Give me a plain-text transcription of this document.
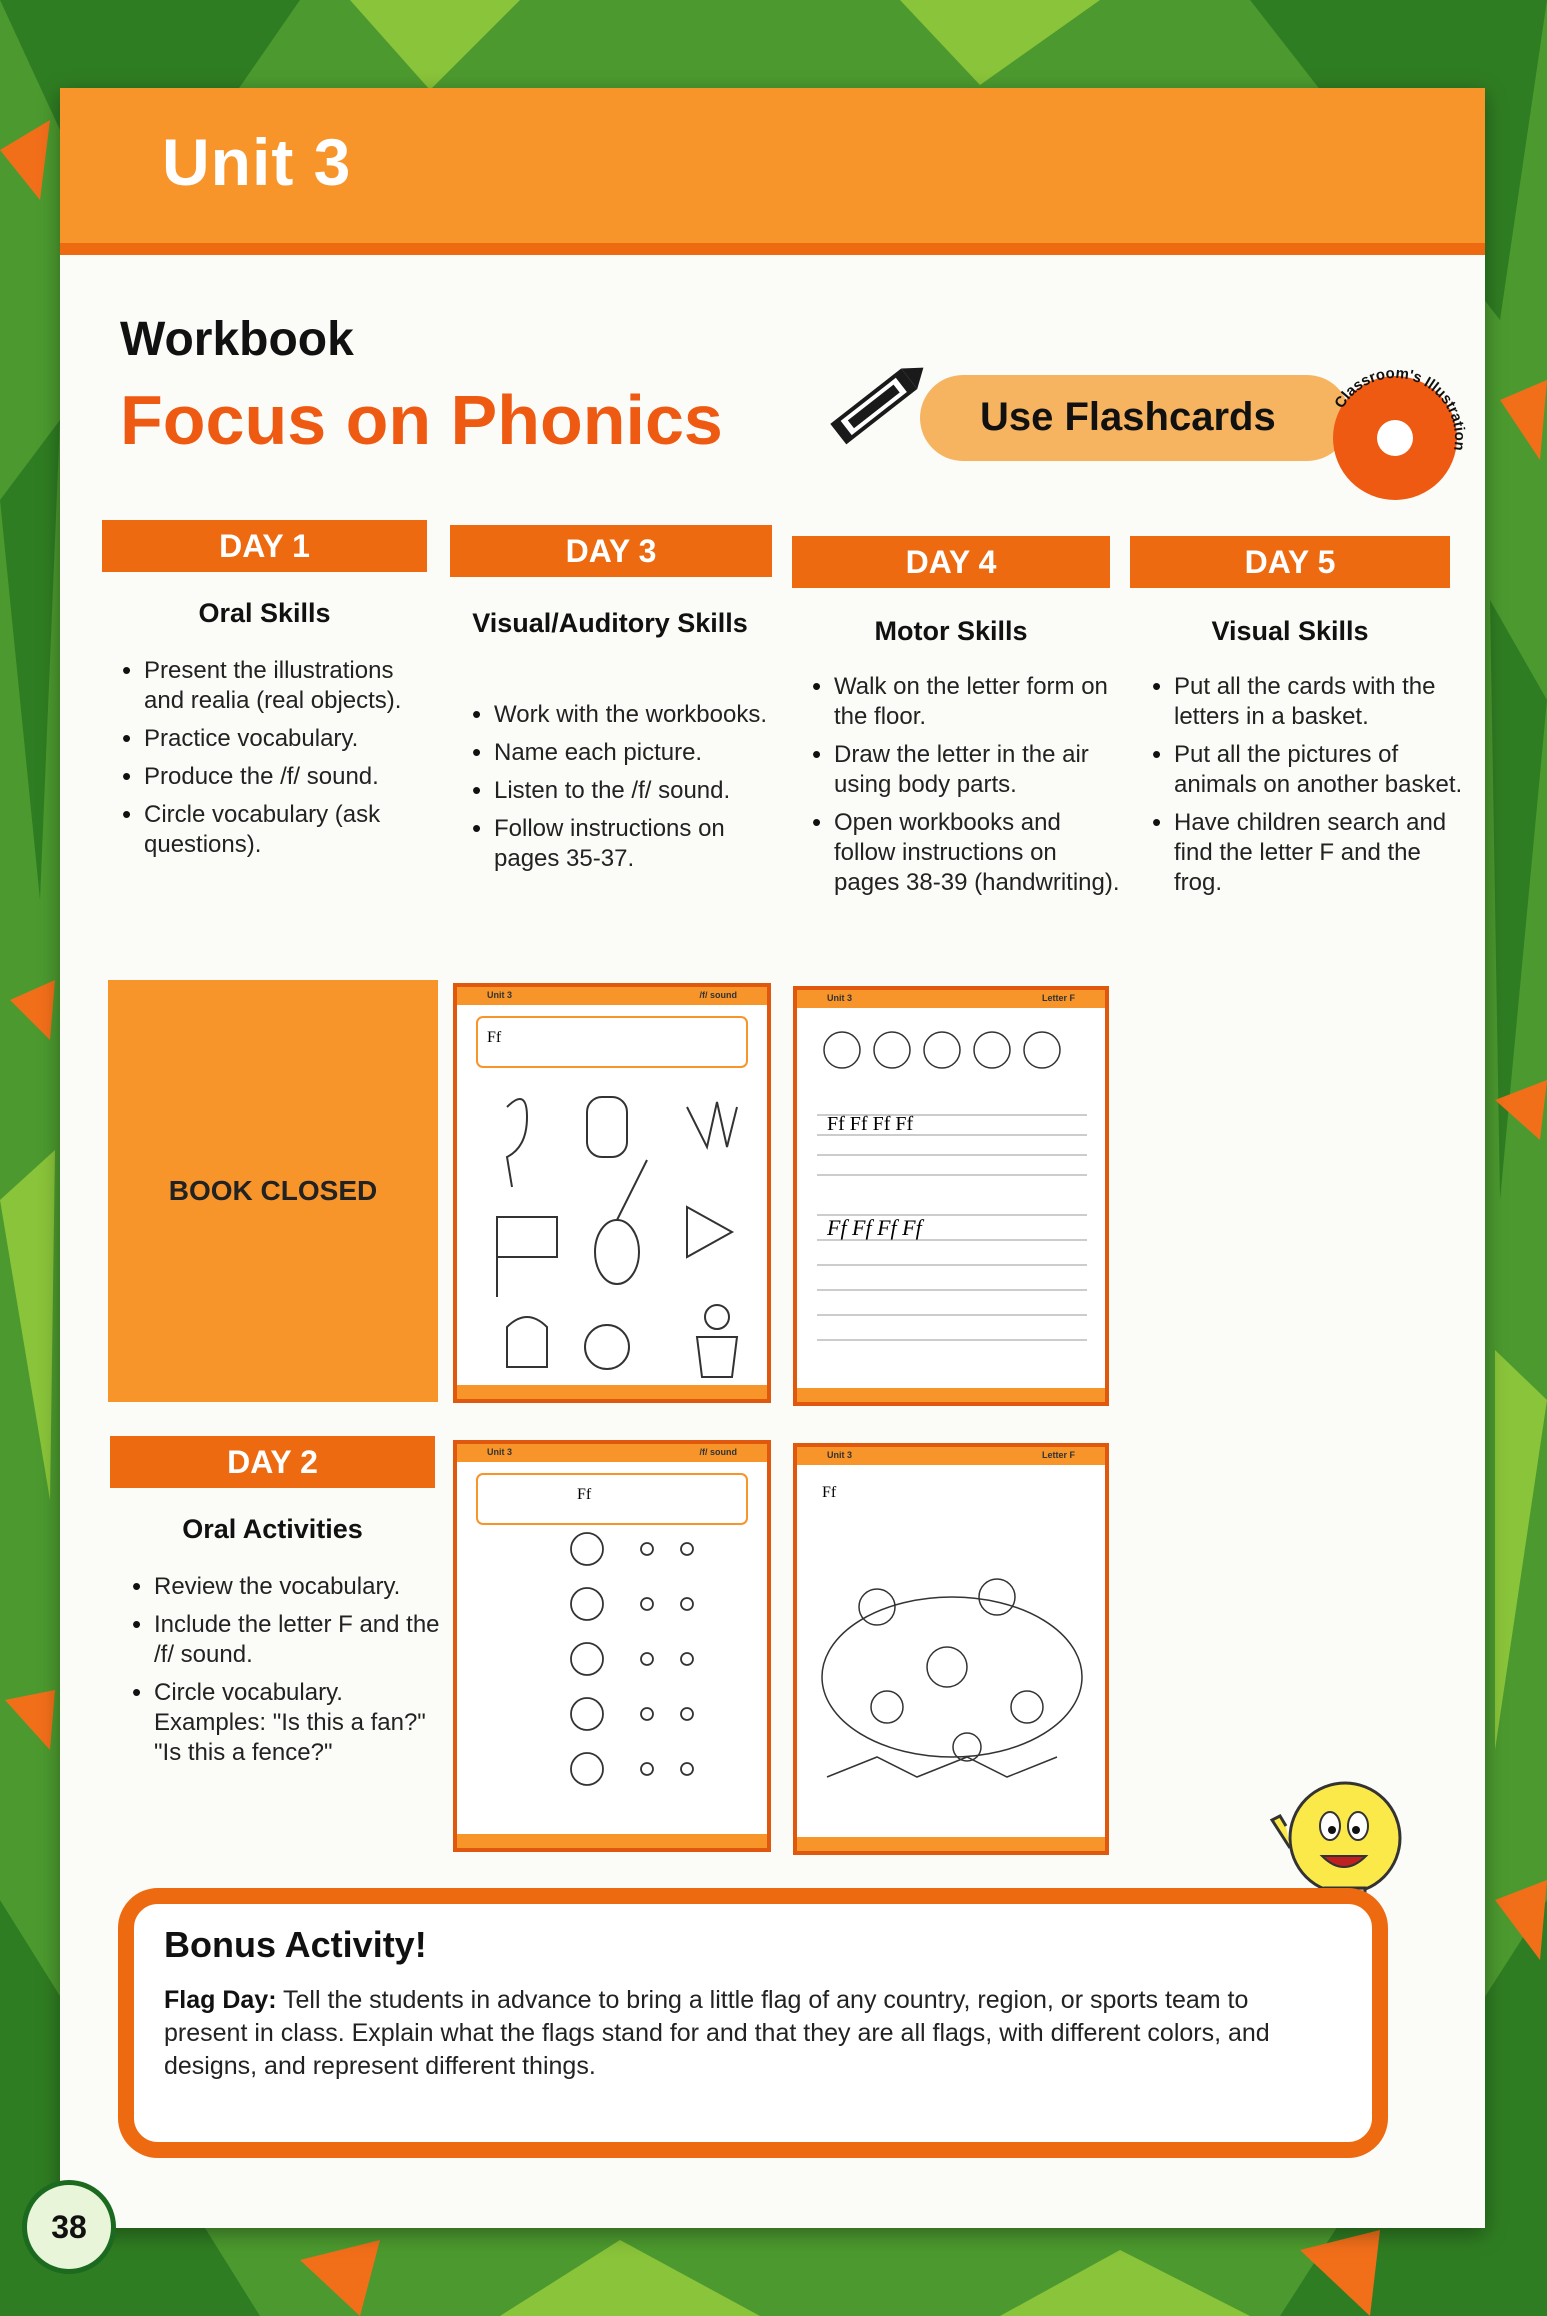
Unit 3
Workbook
Focus on Phonics	Use Flashcards	Classroom's Illustration
DAY 1
Oral Skills
• Present the illustrations and realia (real objects).
• Practice vocabulary.
• Produce the /f/ sound.
• Circle vocabulary (ask questions).
DAY 3
Visual/Auditory Skills
• Work with the workbooks.
• Name each picture.
• Listen to the /f/ sound.
• Follow instructions on pages 35-37.
DAY 4
Motor Skills
• Walk on the letter form on the floor.
• Draw the letter in the air using body parts.
• Open workbooks and follow instructions on pages 38-39 (handwriting).
DAY 5
Visual Skills
• Put all the cards with the letters in a basket.
• Put all the pictures of animals on another basket.
• Have children search and find the letter F and the frog.
BOOK CLOSED
Unit 3	/f/ sound
Ff
Unit 3	Letter F
Ff Ff Ff Ff
Ff Ff Ff Ff
Unit 3	/f/ sound
Ff
Unit 3	Letter F
Ff
DAY 2
Oral Activities
• Review the vocabulary.
• Include the letter F and the /f/ sound.
• Circle vocabulary. Examples: "Is this a fan?" "Is this a fence?"
Bonus Activity!
Flag Day: Tell the students in advance to bring a little flag of any country, region, or sports team to present in class. Explain what the flags stand for and that they are all flags, with different colors, and designs, and represent different things.
38
